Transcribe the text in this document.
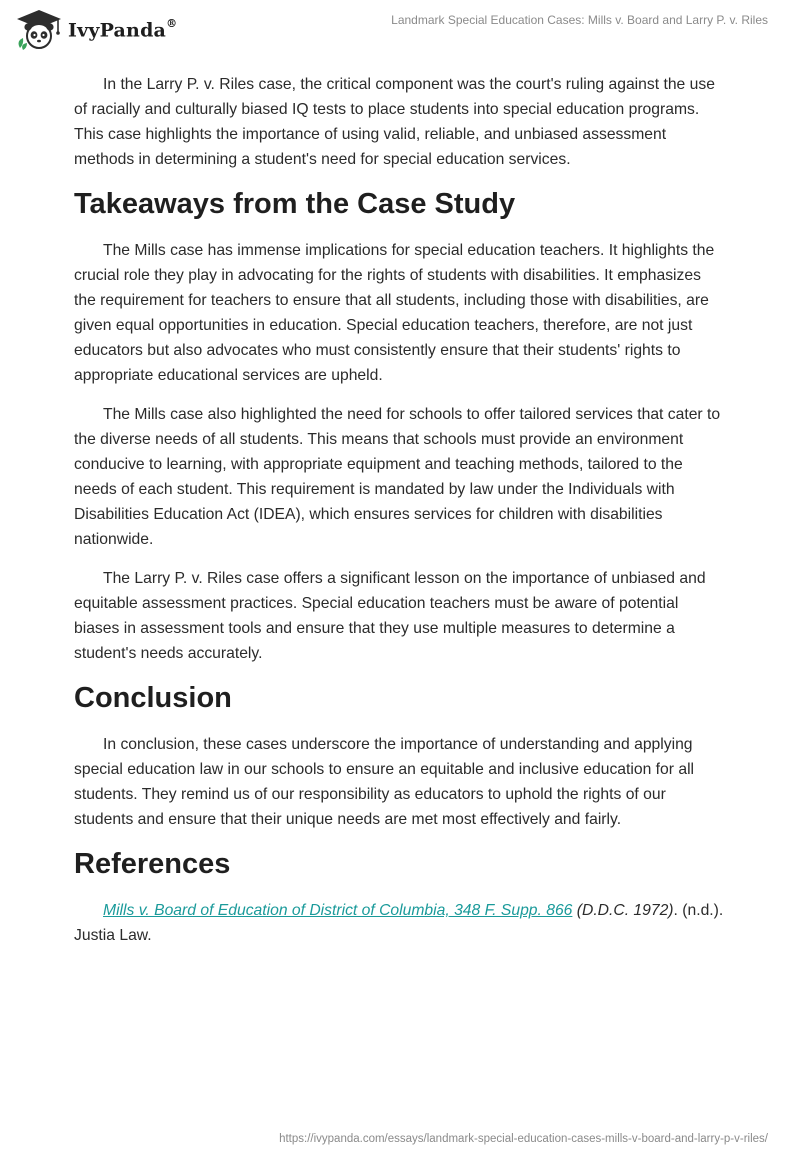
IvyPanda®	Landmark Special Education Cases: Mills v. Board and Larry P. v. Riles

In the Larry P. v. Riles case, the critical component was the court's ruling against the use of racially and culturally biased IQ tests to place students into special education programs. This case highlights the importance of using valid, reliable, and unbiased assessment methods in determining a student's need for special education services.

Takeaways from the Case Study

The Mills case has immense implications for special education teachers. It highlights the crucial role they play in advocating for the rights of students with disabilities. It emphasizes the requirement for teachers to ensure that all students, including those with disabilities, are given equal opportunities in education. Special education teachers, therefore, are not just educators but also advocates who must consistently ensure that their students' rights to appropriate educational services are upheld.

The Mills case also highlighted the need for schools to offer tailored services that cater to the diverse needs of all students. This means that schools must provide an environment conducive to learning, with appropriate equipment and teaching methods, tailored to the needs of each student. This requirement is mandated by law under the Individuals with Disabilities Education Act (IDEA), which ensures services for children with disabilities nationwide.

The Larry P. v. Riles case offers a significant lesson on the importance of unbiased and equitable assessment practices. Special education teachers must be aware of potential biases in assessment tools and ensure that they use multiple measures to determine a student's needs accurately.

Conclusion

In conclusion, these cases underscore the importance of understanding and applying special education law in our schools to ensure an equitable and inclusive education for all students. They remind us of our responsibility as educators to uphold the rights of our students and ensure that their unique needs are met most effectively and fairly.

References

Mills v. Board of Education of District of Columbia, 348 F. Supp. 866 (D.D.C. 1972). (n.d.). Justia Law.

https://ivypanda.com/essays/landmark-special-education-cases-mills-v-board-and-larry-p-v-riles/
